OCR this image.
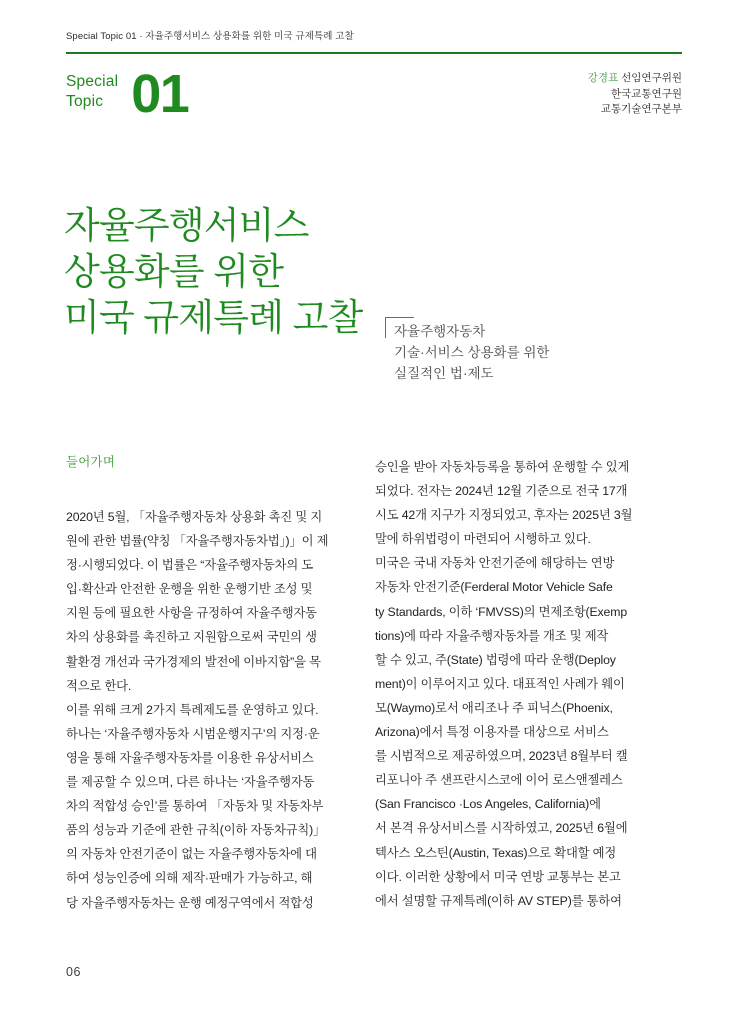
Special Topic 01 · 자율주행서비스 상용화를 위한 미국 규제특례 고찰
Special
Topic 01	강경표 선임연구위원
한국교통연구원
교통기술연구본부
자율주행서비스
상용화를 위한
미국 규제특례 고찰 자율주행자동차
기술·서비스 상용화를 위한
실질적인 법·제도
들어가며
2020년 5월, 「자율주행자동차 상용화 촉진 및 지
원에 관한 법률(약칭 「자율주행자동차법」)」이 제
정·시행되었다. 이 법률은 “자율주행자동차의 도
입·확산과 안전한 운행을 위한 운행기반 조성 및
지원 등에 필요한 사항을 규정하여 자율주행자동
차의 상용화를 촉진하고 지원함으로써 국민의 생
활환경 개선과 국가경제의 발전에 이바지함”을 목
적으로 한다.
이를 위해 크게 2가지 특례제도를 운영하고 있다.
하나는 ‘자율주행자동차 시범운행지구’의 지정·운
영을 통해 자율주행자동차를 이용한 유상서비스
를 제공할 수 있으며, 다른 하나는 ‘자율주행자동
차의 적합성 승인’를 통하여 「자동차 및 자동차부
품의 성능과 기준에 관한 규칙(이하 자동차규칙)」
의 자동차 안전기준이 없는 자율주행자동차에 대
하여 성능인증에 의해 제작·판매가 가능하고, 해
당 자율주행자동차는 운행 예정구역에서 적합성
승인을 받아 자동차등록을 통하여 운행할 수 있게
되었다. 전자는 2024년 12월 기준으로 전국 17개
시도 42개 지구가 지정되었고, 후자는 2025년 3월
말에 하위법령이 마련되어 시행하고 있다.
미국은 국내 자동차 안전기준에 해당하는 연방
자동차 안전기준(Ferderal Motor Vehicle Safe
ty Standards, 이하 ‘FMVSS)의 면제조항(Exemp
tions)에 따라 자율주행자동차를 개조 및 제작
할 수 있고, 주(State) 법령에 따라 운행(Deploy
ment)이 이루어지고 있다. 대표적인 사례가 웨이
모(Waymo)로서 애리조나 주 피닉스(Phoenix,
Arizona)에서 특정 이용자를 대상으로 서비스
를 시범적으로 제공하였으며, 2023년 8월부터 캘
리포니아 주 샌프란시스코에 이어 로스앤젤레스
(San Francisco ·Los Angeles, California)에
서 본격 유상서비스를 시작하였고, 2025년 6월에
텍사스 오스틴(Austin, Texas)으로 확대할 예정
이다. 이러한 상황에서 미국 연방 교통부는 본고
에서 설명할 규제특례(이하 AV STEP)를 통하여
06
